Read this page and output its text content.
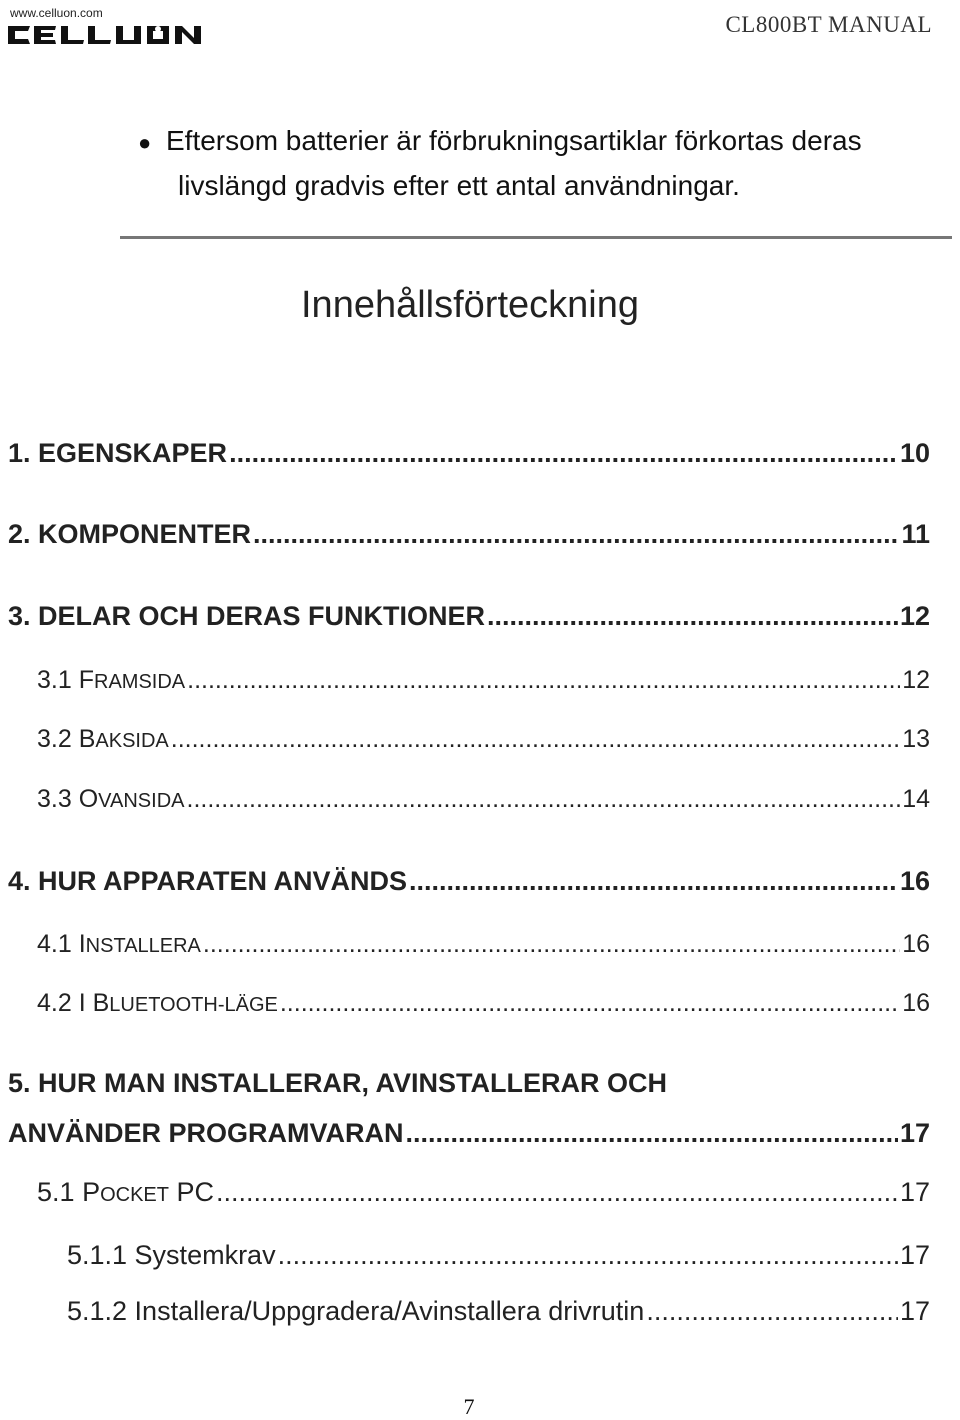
www.celluon.com	CL800BT MANUAL
● Eftersom batterier är förbrukningsartiklar förkortas deras
livslängd gradvis efter ett antal användningar.
Innehållsförteckning
1. EGENSKAPER .....	10
2. KOMPONENTER .....	11
3. DELAR OCH DERAS FUNKTIONER .....	12
3.1 FRAMSIDA .....	12
3.2 BAKSIDA .....	13
3.3 OVANSIDA .....	14
4. HUR APPARATEN ANVÄNDS .....	16
4.1 INSTALLERA .....	16
4.2 I BLUETOOTH-LÄGE .....	16
5. HUR MAN INSTALLERAR, AVINSTALLERAR OCH
ANVÄNDER PROGRAMVARAN .....	17
5.1 POCKET PC .....	17
5.1.1 Systemkrav .....	17
5.1.2 Installera/Uppgradera/Avinstallera drivrutin .....	17
7
